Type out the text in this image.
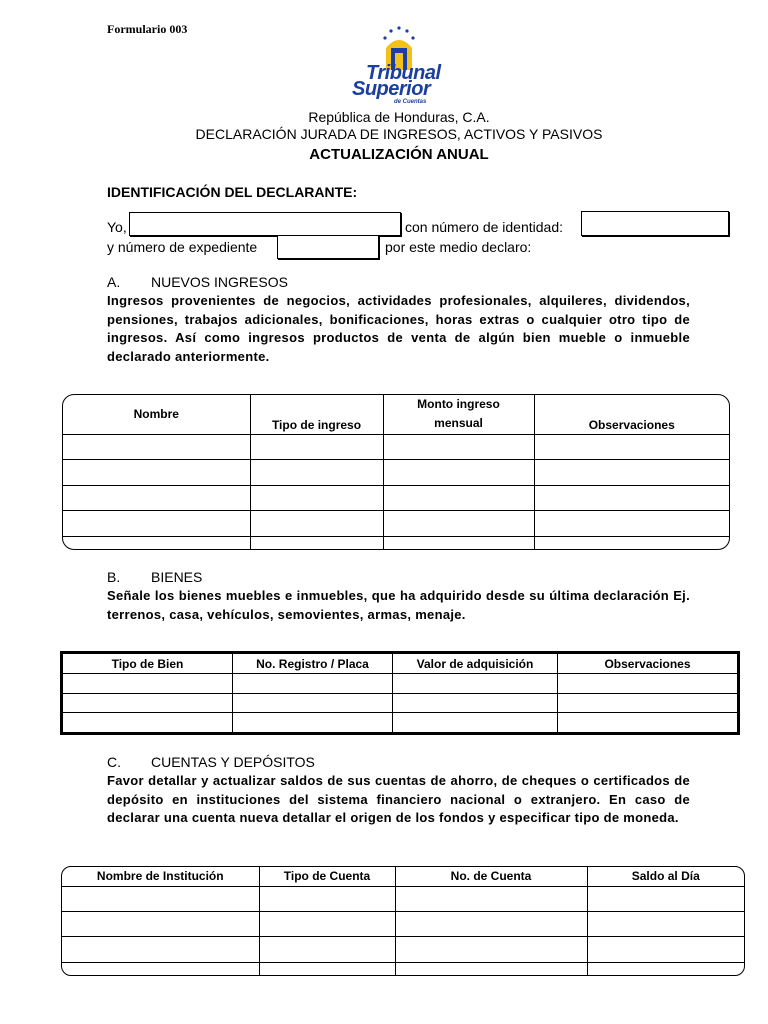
Formulario 003
Tribunal
Superior
de Cuentas
República de Honduras, C.A.
DECLARACIÓN JURADA DE INGRESOS, ACTIVOS Y PASIVOS
ACTUALIZACIÓN ANUAL
IDENTIFICACIÓN DEL DECLARANTE:
Yo,	con número de identidad:
y número de expediente	por este medio declaro:
A. NUEVOS INGRESOS
Ingresos provenientes de negocios, actividades profesionales, alquileres, dividendos, pensiones, trabajos adicionales, bonificaciones, horas extras o cualquier otro tipo de ingresos. Así como ingresos productos de venta de algún bien mueble o inmueble declarado anteriormente.
Nombre	Tipo de ingreso	Monto ingreso mensual	Observaciones

B. BIENES
Señale los bienes muebles e inmuebles, que ha adquirido desde su última declaración Ej. terrenos, casa, vehículos, semovientes, armas, menaje.
Tipo de Bien	No. Registro / Placa	Valor de adquisición	Observaciones

C. CUENTAS Y DEPÓSITOS
Favor detallar y actualizar saldos de sus cuentas de ahorro, de cheques o certificados de depósito en instituciones del sistema financiero nacional o extranjero. En caso de declarar una cuenta nueva detallar el origen de los fondos y especificar tipo de moneda.
Nombre de Institución	Tipo de Cuenta	No. de Cuenta	Saldo al Día
